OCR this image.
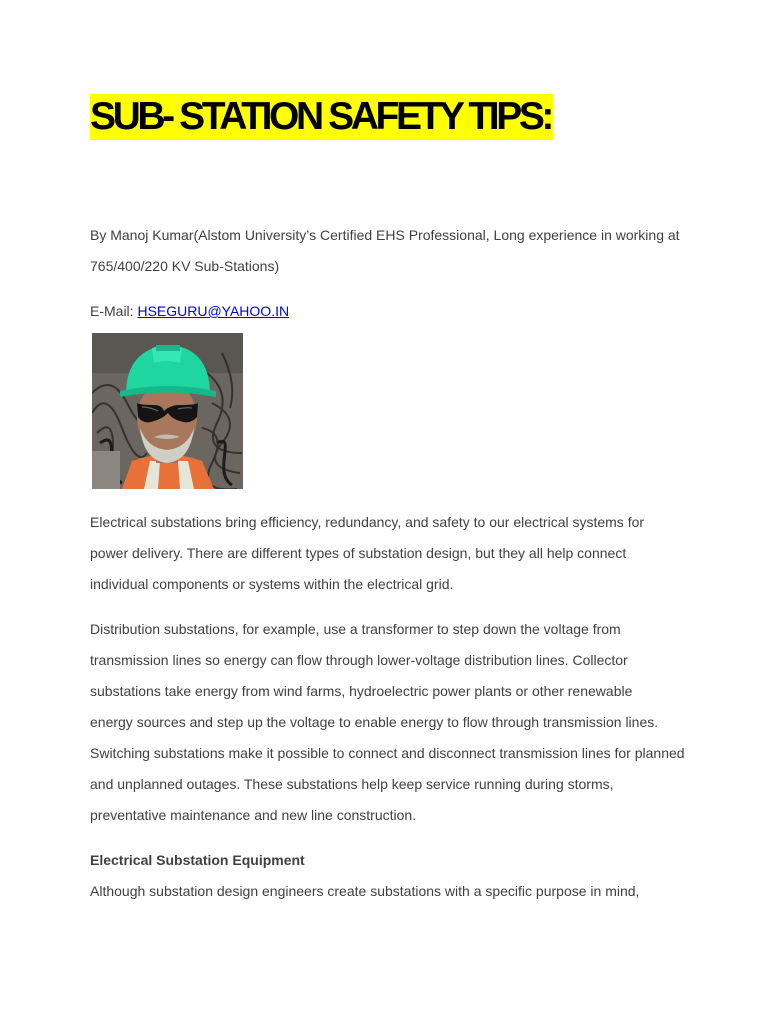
SUB- STATION SAFETY TIPS:

By Manoj Kumar(Alstom University’s Certified EHS Professional, Long experience in working at

765/400/220 KV Sub-Stations)

E-Mail: HSEGURU@YAHOO.IN

Electrical substations bring efficiency, redundancy, and safety to our electrical systems for

power delivery. There are different types of substation design, but they all help connect

individual components or systems within the electrical grid.

Distribution substations, for example, use a transformer to step down the voltage from

transmission lines so energy can flow through lower-voltage distribution lines. Collector

substations take energy from wind farms, hydroelectric power plants or other renewable

energy sources and step up the voltage to enable energy to flow through transmission lines.

Switching substations make it possible to connect and disconnect transmission lines for planned

and unplanned outages. These substations help keep service running during storms,

preventative maintenance and new line construction.

Electrical Substation Equipment

Although substation design engineers create substations with a specific purpose in mind,
